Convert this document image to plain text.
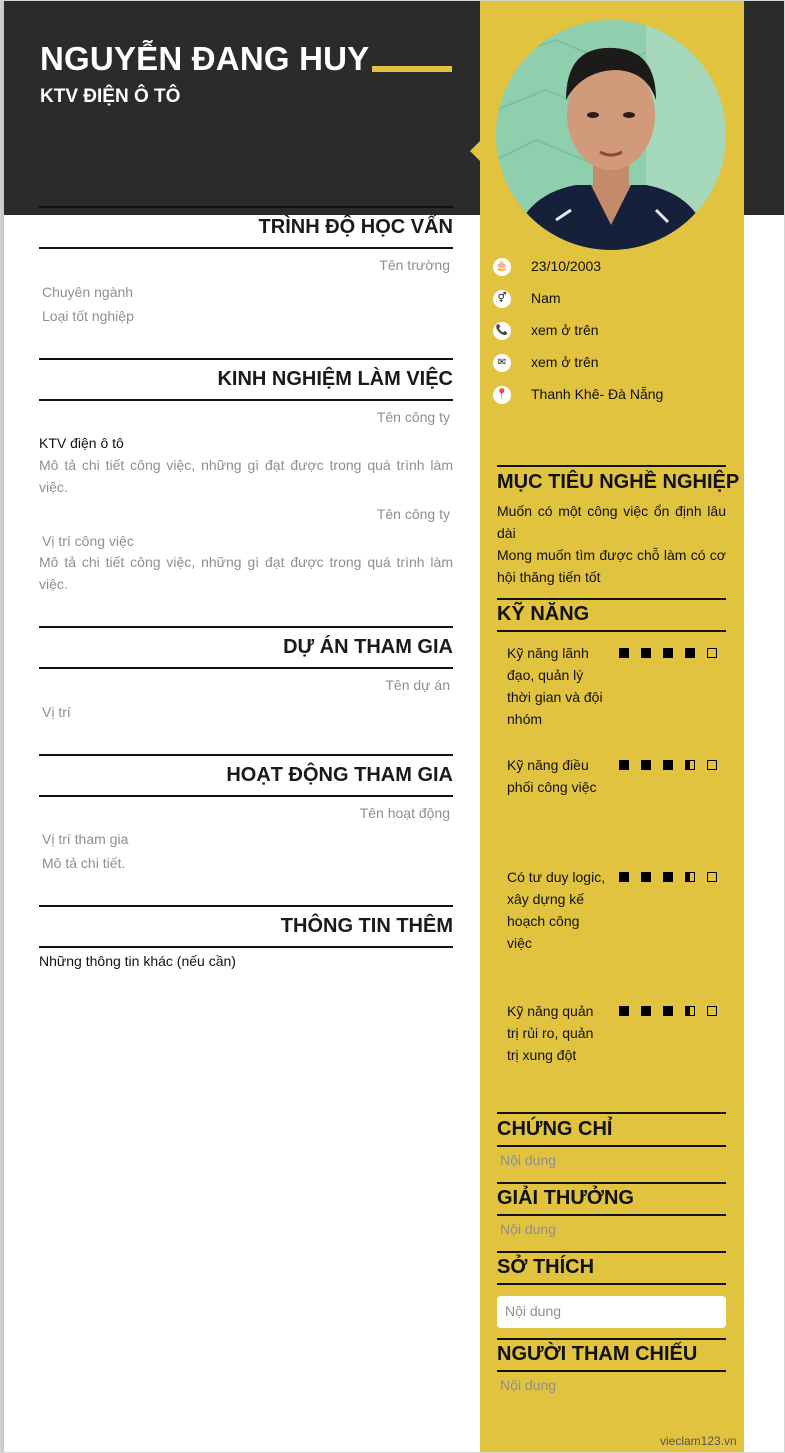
NGUYỄN ĐANG HUY
KTV ĐIỆN Ô TÔ
🎂 23/10/2003
⚥	Nam
📞 xem ở trên
✉	xem ở trên
📍 Thanh Khê- Đà Nẵng
TRÌNH ĐỘ HỌC VẤN
Tên trường
Chuyên ngành
Loại tốt nghiệp
KINH NGHIỆM LÀM VIỆC
Tên công ty
KTV điện ô tô
Mô tả chi tiết công việc, những gì đạt được trong quá trình làm việc.
Tên công ty
Vị trí công việc
Mô tả chi tiết công việc, những gì đạt được trong quá trình làm việc.
DỰ ÁN THAM GIA
Tên dự án
Vị trí
HOẠT ĐỘNG THAM GIA
Tên hoạt động
Vị trí tham gia
Mô tả chi tiết.
THÔNG TIN THÊM
Những thông tin khác (nếu cần)
MỤC TIÊU NGHỀ NGHIỆP
Muốn có một công việc ổn định lâu dài
Mong muốn tìm được chỗ làm có cơ hội thăng tiến tốt
KỸ NĂNG
Kỹ năng lãnh đạo, quản lý thời gian và đội nhóm
Kỹ năng điều phối công việc
Có tư duy logic, xây dựng kế hoạch công việc
Kỹ năng quản trị rủi ro, quản trị xung đột
CHỨNG CHỈ
Nội dung
GIẢI THƯỞNG
Nội dung
SỞ THÍCH
Nội dung
NGƯỜI THAM CHIẾU
Nội dung
vieclam123.vn
